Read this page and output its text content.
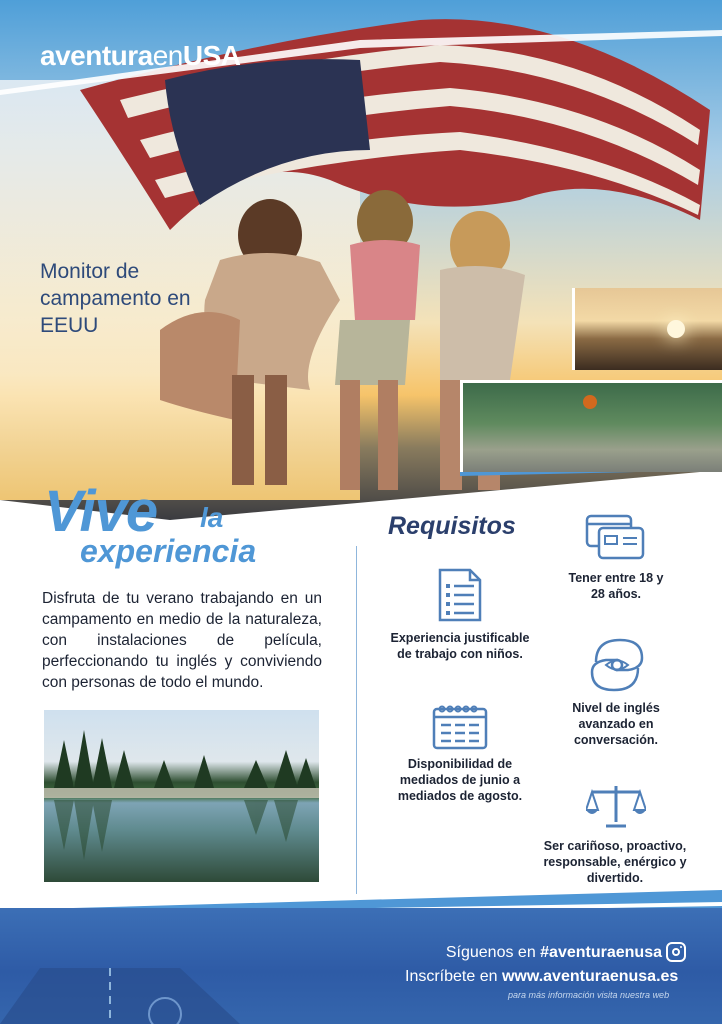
aventuraenUSA
Monitor de campamento en EEUU
Vive la
experiencia
Disfruta de tu verano trabajando en un campamento en medio de la naturaleza, con instalaciones de película, perfeccionando tu inglés y conviviendo con personas de todo el mundo.
Requisitos
Tener entre 18 y 28 años.
Experiencia justificable de trabajo con niños.
Nivel de inglés avanzado en conversación.
Disponibilidad de mediados de junio a mediados de agosto.
Ser cariñoso, proactivo, responsable, enérgico y divertido.
Síguenos en #aventuraenusa
Inscríbete en www.aventuraenusa.es
para más información visita nuestra web
